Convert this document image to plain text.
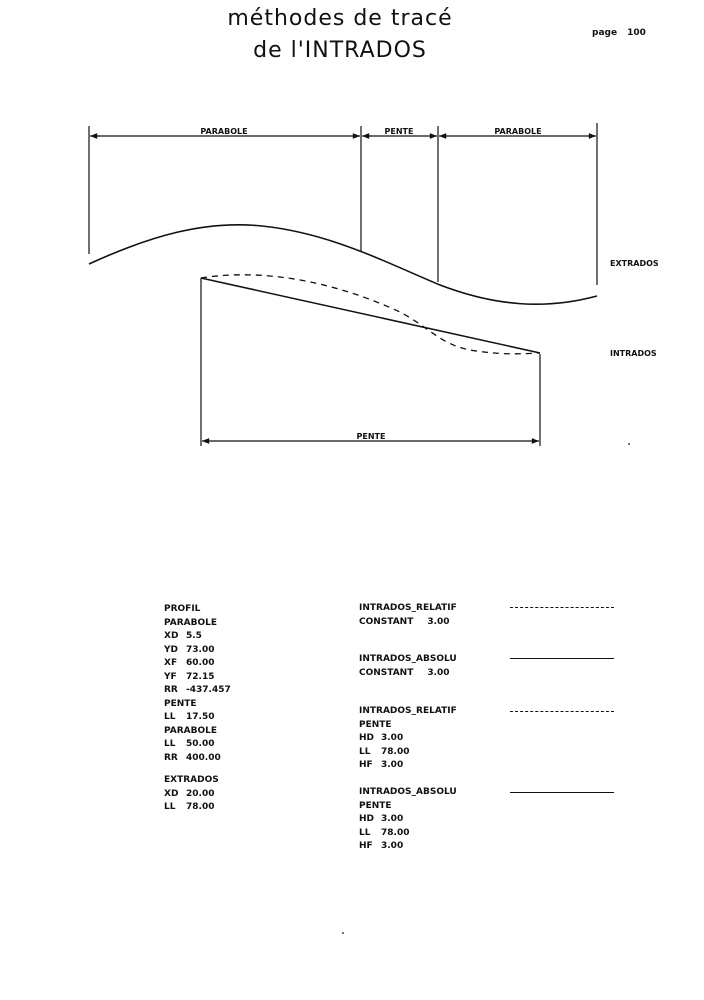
méthodes de tracé
de l'INTRADOS
page 100
PARABOLE	PENTE	PARABOLE
PENTE
EXTRADOS
INTRADOS
PROFIL
PARABOLE
XD 5.5
YD 73.00
XF 60.00
YF 72.15
RR -437.457
PENTE
LL 17.50
PARABOLE
LL 50.00
RR 400.00
EXTRADOS
XD 20.00
LL 78.00
INTRADOS_RELATIF
CONSTANT 3.00
INTRADOS_ABSOLU
CONSTANT 3.00
INTRADOS_RELATIF
PENTE
HD 3.00
LL 78.00
HF 3.00
INTRADOS_ABSOLU
PENTE
HD 3.00
LL 78.00
HF 3.00
